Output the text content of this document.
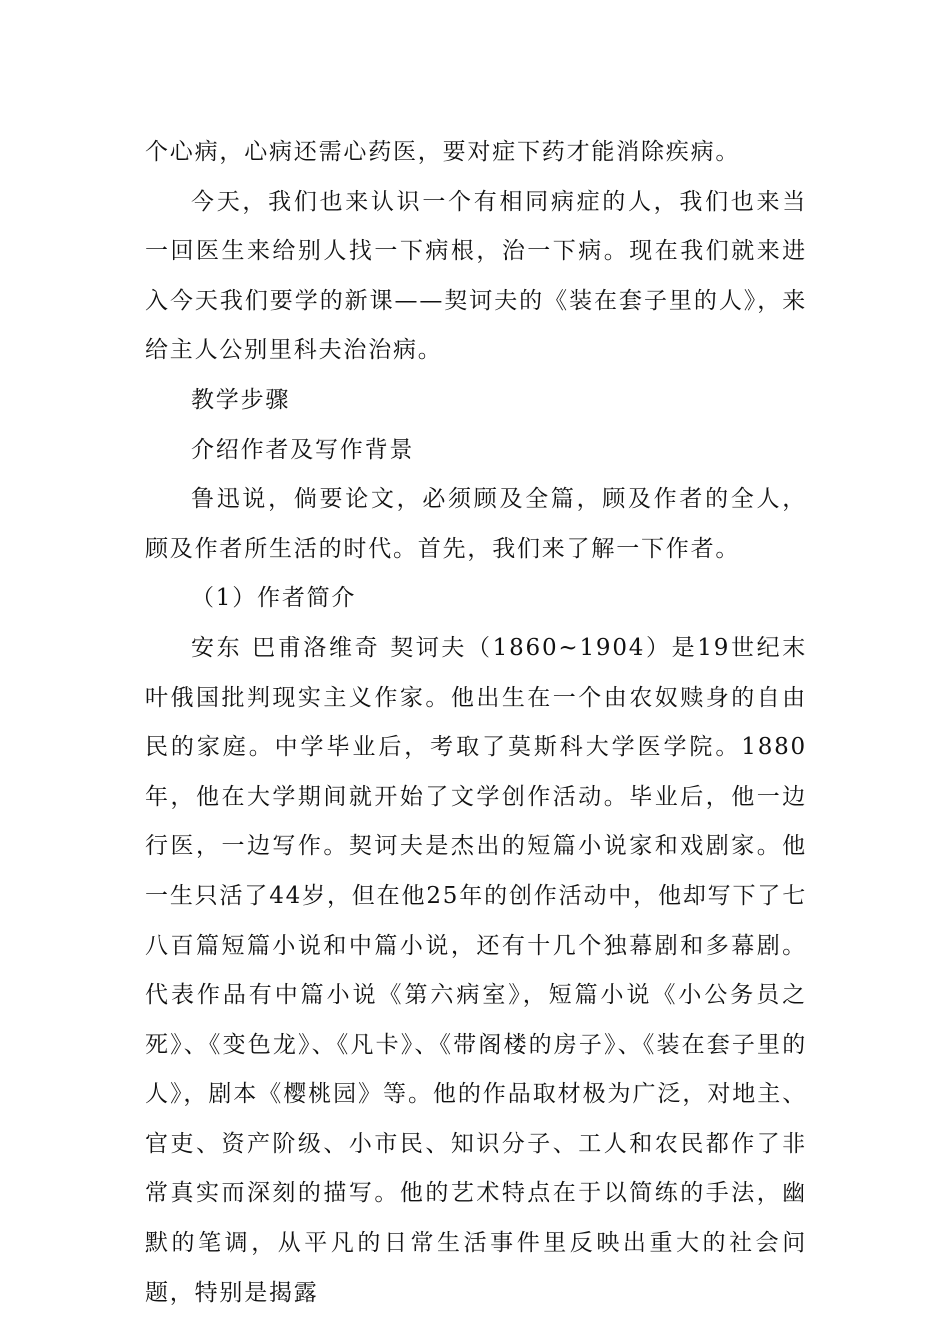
个心病，心病还需心药医，要对症下药才能消除疾病。

今天，我们也来认识一个有相同病症的人，我们也来当一回医生来给别人找一下病根，治一下病。现在我们就来进入今天我们要学的新课——契诃夫的《装在套子里的人》，来给主人公别里科夫治治病。

教学步骤

介绍作者及写作背景

鲁迅说，倘要论文，必须顾及全篇，顾及作者的全人，顾及作者所生活的时代。首先，我们来了解一下作者。

（1）作者简介

安东 巴甫洛维奇 契诃夫（1860~1904）是19世纪末叶俄国批判现实主义作家。他出生在一个由农奴赎身的自由民的家庭。中学毕业后，考取了莫斯科大学医学院。1880年，他在大学期间就开始了文学创作活动。毕业后，他一边行医，一边写作。契诃夫是杰出的短篇小说家和戏剧家。他一生只活了44岁，但在他25年的创作活动中，他却写下了七八百篇短篇小说和中篇小说，还有十几个独幕剧和多幕剧。代表作品有中篇小说《第六病室》，短篇小说《小公务员之死》、《变色龙》、《凡卡》、《带阁楼的房子》、《装在套子里的人》，剧本《樱桃园》等。他的作品取材极为广泛，对地主、官吏、资产阶级、小市民、知识分子、工人和农民都作了非常真实而深刻的描写。他的艺术特点在于以简练的手法，幽默的笔调，从平凡的日常生活事件里反映出重大的社会问题，特别是揭露
